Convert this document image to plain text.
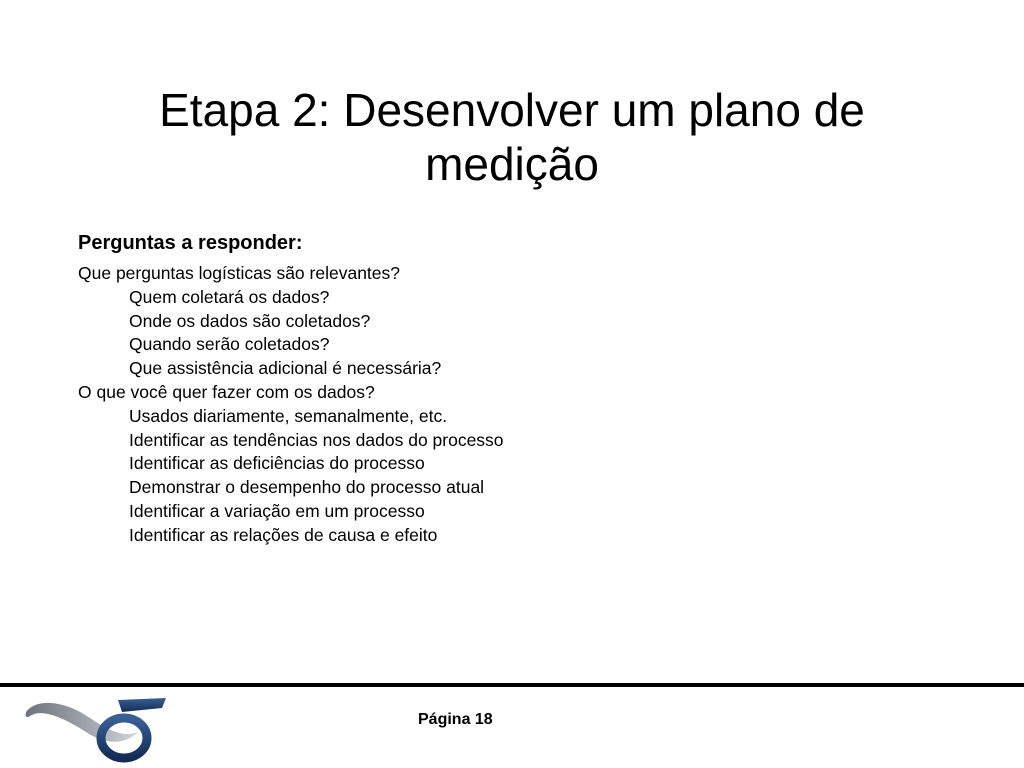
Etapa 2: Desenvolver um plano de
medição
Perguntas a responder:
Que perguntas logísticas são relevantes?
Quem coletará os dados?
Onde os dados são coletados?
Quando serão coletados?
Que assistência adicional é necessária?
O que você quer fazer com os dados?
Usados diariamente, semanalmente, etc.
Identificar as tendências nos dados do processo
Identificar as deficiências do processo
Demonstrar o desempenho do processo atual
Identificar a variação em um processo
Identificar as relações de causa e efeito
Página 18
